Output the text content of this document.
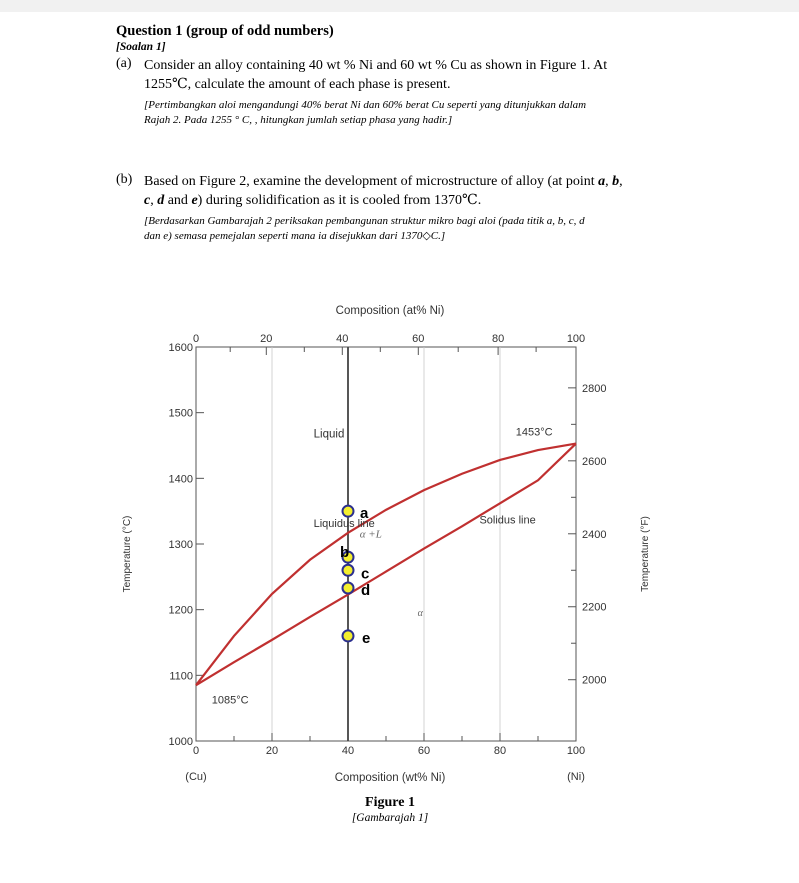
Question 1 (group of odd numbers)

[Soalan 1]

(a) Consider an alloy containing 40 wt % Ni and 60 wt % Cu as shown in Figure 1. At
1255℃, calculate the amount of each phase is present.

[Pertimbangkan aloi mengandungi 40% berat Ni dan 60% berat Cu seperti yang ditunjukkan dalam
Rajah 2. Pada 1255 ° C, , hitungkan jumlah setiap phasa yang hadir.]

(b) Based on Figure 2, examine the development of microstructure of alloy (at point a, b,
c, d and e) during solidification as it is cooled from 1370℃.

[Berdasarkan Gambarajah 2 periksakan pembangunan struktur mikro bagi aloi (pada titik a, b, c, d
dan e) semasa pemejalan seperti mana ia disejukkan dari 1370◇C.]

0	20	40	60	80	100
0	20	40	60	80	100
1000
1100
1200
1300
1400
1500
1600
2000
2200
2400
2600
2800
Composition (at% Ni)
Composition (wt% Ni)
Temperature (°C)	Temperature (°F)
(Cu)	(Ni)
Liquid
α +L
α
Liquidus line	Solidus line
1453°C
1085°C
a
b
c
d
e
Figure 1
[Gambarajah 1]
